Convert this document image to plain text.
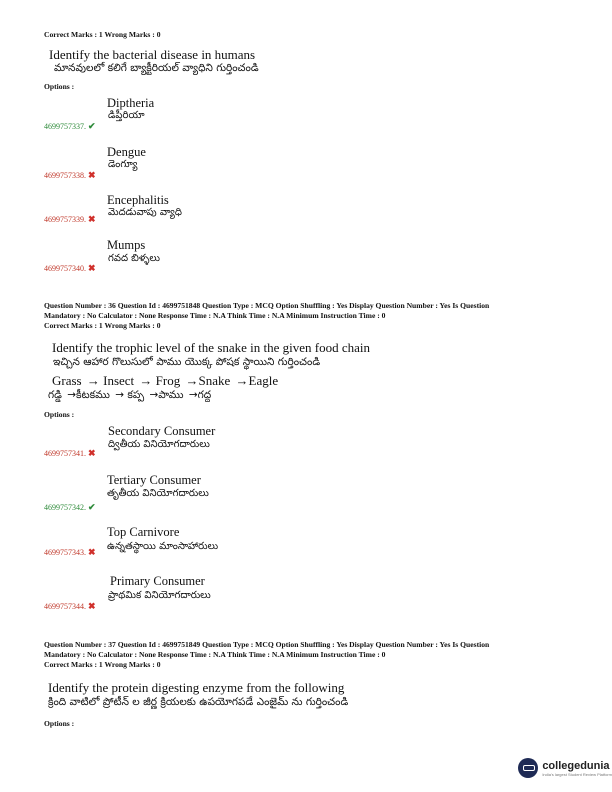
Correct Marks : 1 Wrong Marks : 0
Identify the bacterial disease in humans
మానవులలో కలిగే బ్యాక్టీరియల్ వ్యాధిని గుర్తించండి
Options :
Diptheria
డిప్తీరియా
4699757337. ✔
Dengue
డెంగ్యూ
4699757338. ✖
Encephalitis
మెదడువాపు వ్యాధి
4699757339. ✖
Mumps
గవద బిళ్ళలు
4699757340. ✖
Question Number : 36 Question Id : 4699751848 Question Type : MCQ Option Shuffling : Yes Display Question Number : Yes Is Question
Mandatory : No Calculator : None Response Time : N.A Think Time : N.A Minimum Instruction Time : 0
Correct Marks : 1 Wrong Marks : 0
Identify the trophic level of the snake in the given food chain
ఇచ్చిన ఆహార గొలుసులో పాము యొక్క పోషక స్థాయిని గుర్తించండి
Grass → Insect → Frog →Snake →Eagle
గడ్డి →కీటకము → కప్ప →పాము →గద్ద
Options :
Secondary Consumer
ద్వితీయ వినియోగదారులు
4699757341. ✖
Tertiary Consumer
తృతీయ వినియోగదారులు
4699757342. ✔
Top Carnivore
ఉన్నతస్థాయి మాంసాహారులు
4699757343. ✖
Primary Consumer
ప్రాథమిక వినియోగదారులు
4699757344. ✖
Question Number : 37 Question Id : 4699751849 Question Type : MCQ Option Shuffling : Yes Display Question Number : Yes Is Question
Mandatory : No Calculator : None Response Time : N.A Think Time : N.A Minimum Instruction Time : 0
Correct Marks : 1 Wrong Marks : 0
Identify the protein digesting enzyme from the following
క్రింది వాటిలో ప్రోటీన్ ల జీర్ణ క్రియలకు ఉపయోగపడే ఎంజైమ్ ను గుర్తించండి
Options :
collegedunia
India's largest Student Review Platform
